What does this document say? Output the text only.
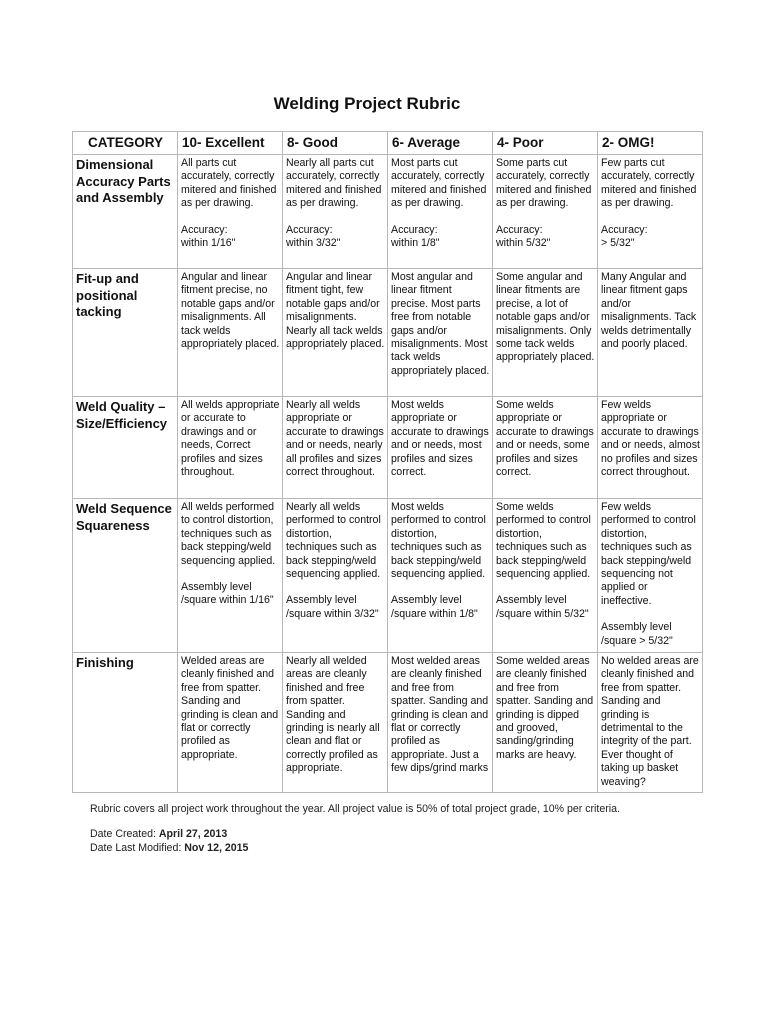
Welding Project Rubric
CATEGORY	10- Excellent	8- Good	6- Average	4- Poor	2- OMG!
Dimensional Accuracy Parts and Assembly	All parts cut accurately, correctly mitered and finished as per drawing.
Accuracy:
within 1/16"	Nearly all parts cut accurately, correctly mitered and finished as per drawing.
Accuracy:
within 3/32"	Most parts cut accurately, correctly mitered and finished as per drawing.
Accuracy:
within 1/8"	Some parts cut accurately, correctly mitered and finished as per drawing.
Accuracy:
within 5/32"	Few parts cut accurately, correctly mitered and finished as per drawing.
Accuracy:
> 5/32"

Fit-up and positional tacking	Angular and linear fitment precise, no notable gaps and/or misalignments. All tack welds appropriately placed.	Angular and linear fitment tight, few notable gaps and/or misalignments. Nearly all tack welds appropriately placed.	Most angular and linear fitment precise. Most parts free from notable gaps and/or misalignments. Most tack welds appropriately placed.	Some angular and linear fitments are precise, a lot of notable gaps and/or misalignments. Only some tack welds appropriately placed.	Many Angular and linear fitment gaps and/or misalignments. Tack welds detrimentally and poorly placed.

Weld Quality – Size/Efficiency	All welds appropriate or accurate to drawings and or needs, Correct profiles and sizes throughout.	Nearly all welds appropriate or accurate to drawings and or needs, nearly all profiles and sizes correct throughout.	Most welds appropriate or accurate to drawings and or needs, most profiles and sizes correct.	Some welds appropriate or accurate to drawings and or needs, some profiles and sizes correct.	Few welds appropriate or accurate to drawings and or needs, almost no profiles and sizes correct throughout.

Weld Sequence Squareness	All welds performed to control distortion, techniques such as back stepping/weld sequencing applied.
Assembly level /square within 1/16"	Nearly all welds performed to control distortion, techniques such as back stepping/weld sequencing applied.
Assembly level /square within 3/32"	Most welds performed to control distortion, techniques such as back stepping/weld sequencing applied.
Assembly level /square within 1/8"	Some welds performed to control distortion, techniques such as back stepping/weld sequencing applied.
Assembly level /square within 5/32"	Few welds performed to control distortion, techniques such as back stepping/weld sequencing not applied or ineffective.
Assembly level /square > 5/32"

Finishing	Welded areas are cleanly finished and free from spatter. Sanding and grinding is clean and flat or correctly profiled as appropriate.	Nearly all welded areas are cleanly finished and free from spatter. Sanding and grinding is nearly all clean and flat or correctly profiled as appropriate.	Most welded areas are cleanly finished and free from spatter. Sanding and grinding is clean and flat or correctly profiled as appropriate. Just a few dips/grind marks	Some welded areas are cleanly finished and free from spatter. Sanding and grinding is dipped and grooved, sanding/grinding marks are heavy.	No welded areas are cleanly finished and free from spatter. Sanding and grinding is detrimental to the integrity of the part. Ever thought of taking up basket weaving?
Rubric covers all project work throughout the year. All project value is 50% of total project grade, 10% per criteria.
Date Created: April 27, 2013
Date Last Modified: Nov 12, 2015
